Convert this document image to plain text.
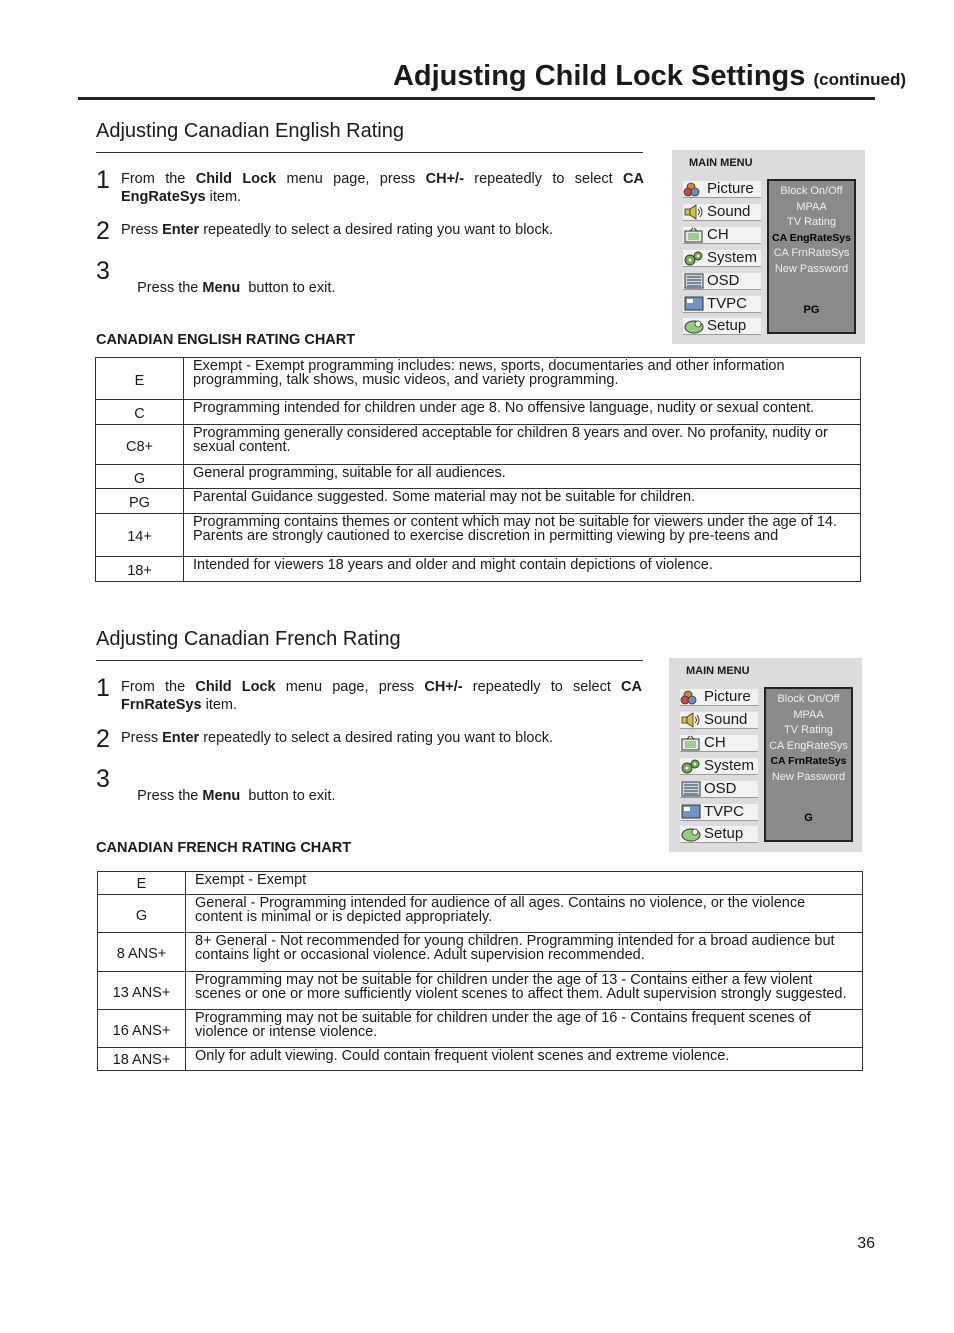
Adjusting Child Lock Settings (continued)
Adjusting Canadian English Rating
1 From the Child Lock menu page, press CH+/- repeatedly to select CA EngRateSys item.
2 Press Enter repeatedly to select a desired rating you want to block.
3

Press the Menu  button to exit.

MAIN MENU
Picture
Sound
CH
System
OSD
TVPC
Setup
Block On/Off
MPAA
TV Rating
CA EngRateSys
CA FrnRateSys
New Password
PG
CANADIAN ENGLISH RATING CHART
E	Exempt - Exempt programming includes: news, sports, documentaries and other information programming, talk shows, music videos, and variety programming.
C	Programming intended for children under age 8. No offensive language, nudity or sexual content.
C8+	Programming generally considered acceptable for children 8 years and over. No profanity, nudity or sexual content.
G	General programming, suitable for all audiences.
PG	Parental Guidance suggested. Some material may not be suitable for children.
14+	Programming contains themes or content which may not be suitable for viewers under the age of 14. Parents are strongly cautioned to exercise discretion in permitting viewing by pre-teens and

18+	Intended for viewers 18 years and older and might contain depictions of violence.
Adjusting Canadian French Rating
1 From the Child Lock menu page, press CH+/- repeatedly to select CA FrnRateSys item.
2 Press Enter repeatedly to select a desired rating you want to block.
3

Press the Menu  button to exit.

MAIN MENU
Picture
Sound
CH
System
OSD
TVPC
Setup
Block On/Off
MPAA
TV Rating
CA EngRateSys
CA FrnRateSys
New Password
G
CANADIAN FRENCH RATING CHART
E	Exempt - Exempt
G	General - Programming intended for audience of all ages. Contains no violence, or the violence content is minimal or is depicted appropriately.
8 ANS+	8+ General - Not recommended for young children. Programming intended for a broad audience but contains light or occasional violence. Adult supervision recommended.
13 ANS+	Programming may not be suitable for children under the age of 13 - Contains either a few violent scenes or one or more sufficiently violent scenes to affect them. Adult supervision strongly suggested.
16 ANS+	Programming may not be suitable for children under the age of 16 - Contains frequent scenes of violence or intense violence.
18 ANS+	Only for adult viewing. Could contain frequent violent scenes and extreme violence.
36
